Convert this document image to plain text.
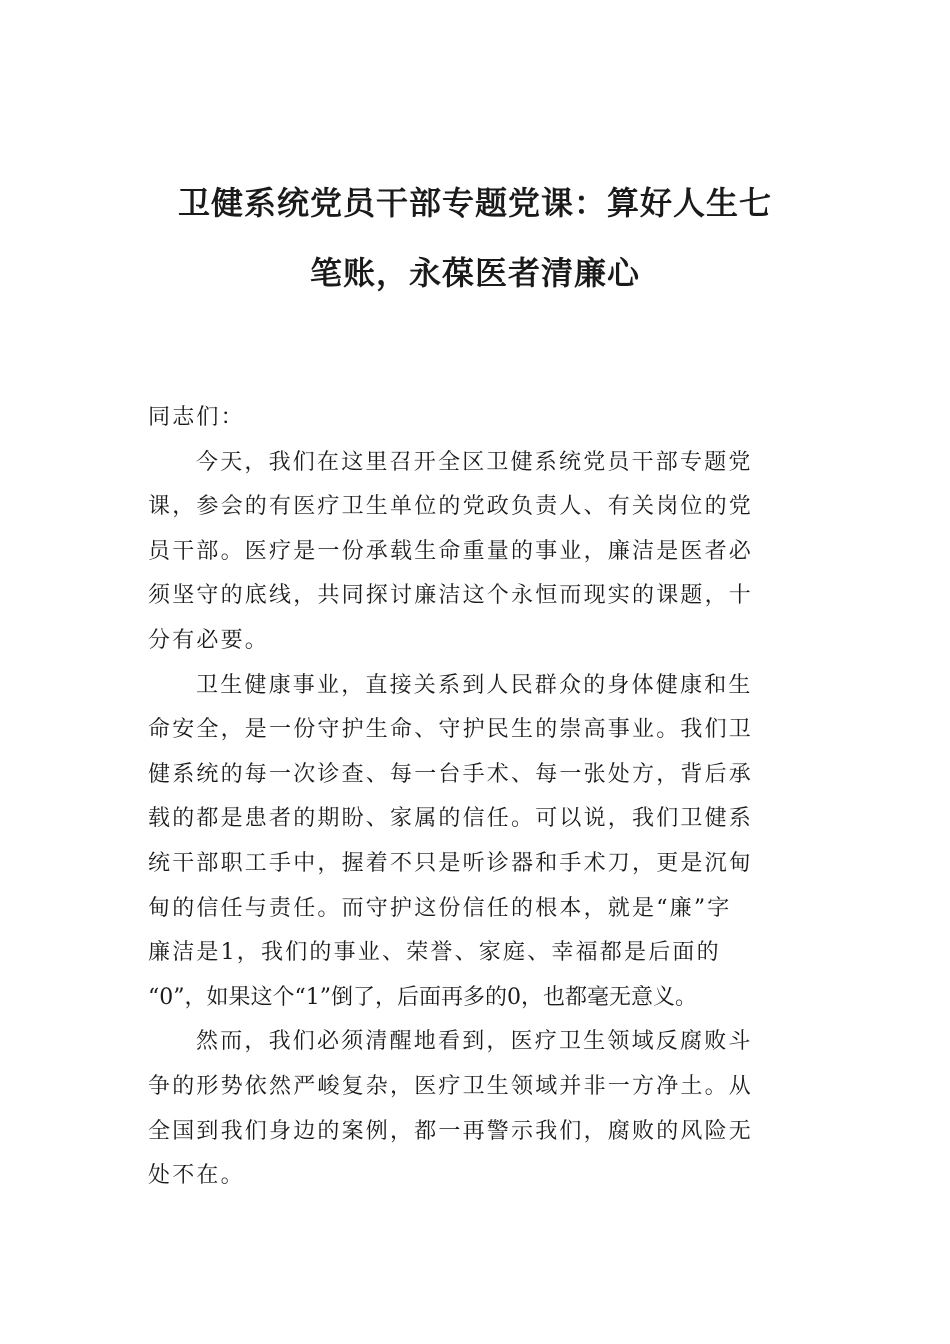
卫健系统党员干部专题党课：算好人生七
笔账，永葆医者清廉心
同志们：
今天，我们在这里召开全区卫健系统党员干部专题党
课，参会的有医疗卫生单位的党政负责人、有关岗位的党
员干部。医疗是一份承载生命重量的事业，廉洁是医者必
须坚守的底线，共同探讨廉洁这个永恒而现实的课题，十
分有必要。
卫生健康事业，直接关系到人民群众的身体健康和生
命安全，是一份守护生命、守护民生的崇高事业。我们卫
健系统的每一次诊查、每一台手术、每一张处方，背后承
载的都是患者的期盼、家属的信任。可以说，我们卫健系
统干部职工手中，握着不只是听诊器和手术刀，更是沉甸
甸的信任与责任。而守护这份信任的根本，就是“廉”字
廉洁是1，我们的事业、荣誉、家庭、幸福都是后面的
“0”，如果这个“1”倒了，后面再多的0，也都毫无意义。
然而，我们必须清醒地看到，医疗卫生领域反腐败斗
争的形势依然严峻复杂，医疗卫生领域并非一方净土。从
全国到我们身边的案例，都一再警示我们，腐败的风险无
处不在。
